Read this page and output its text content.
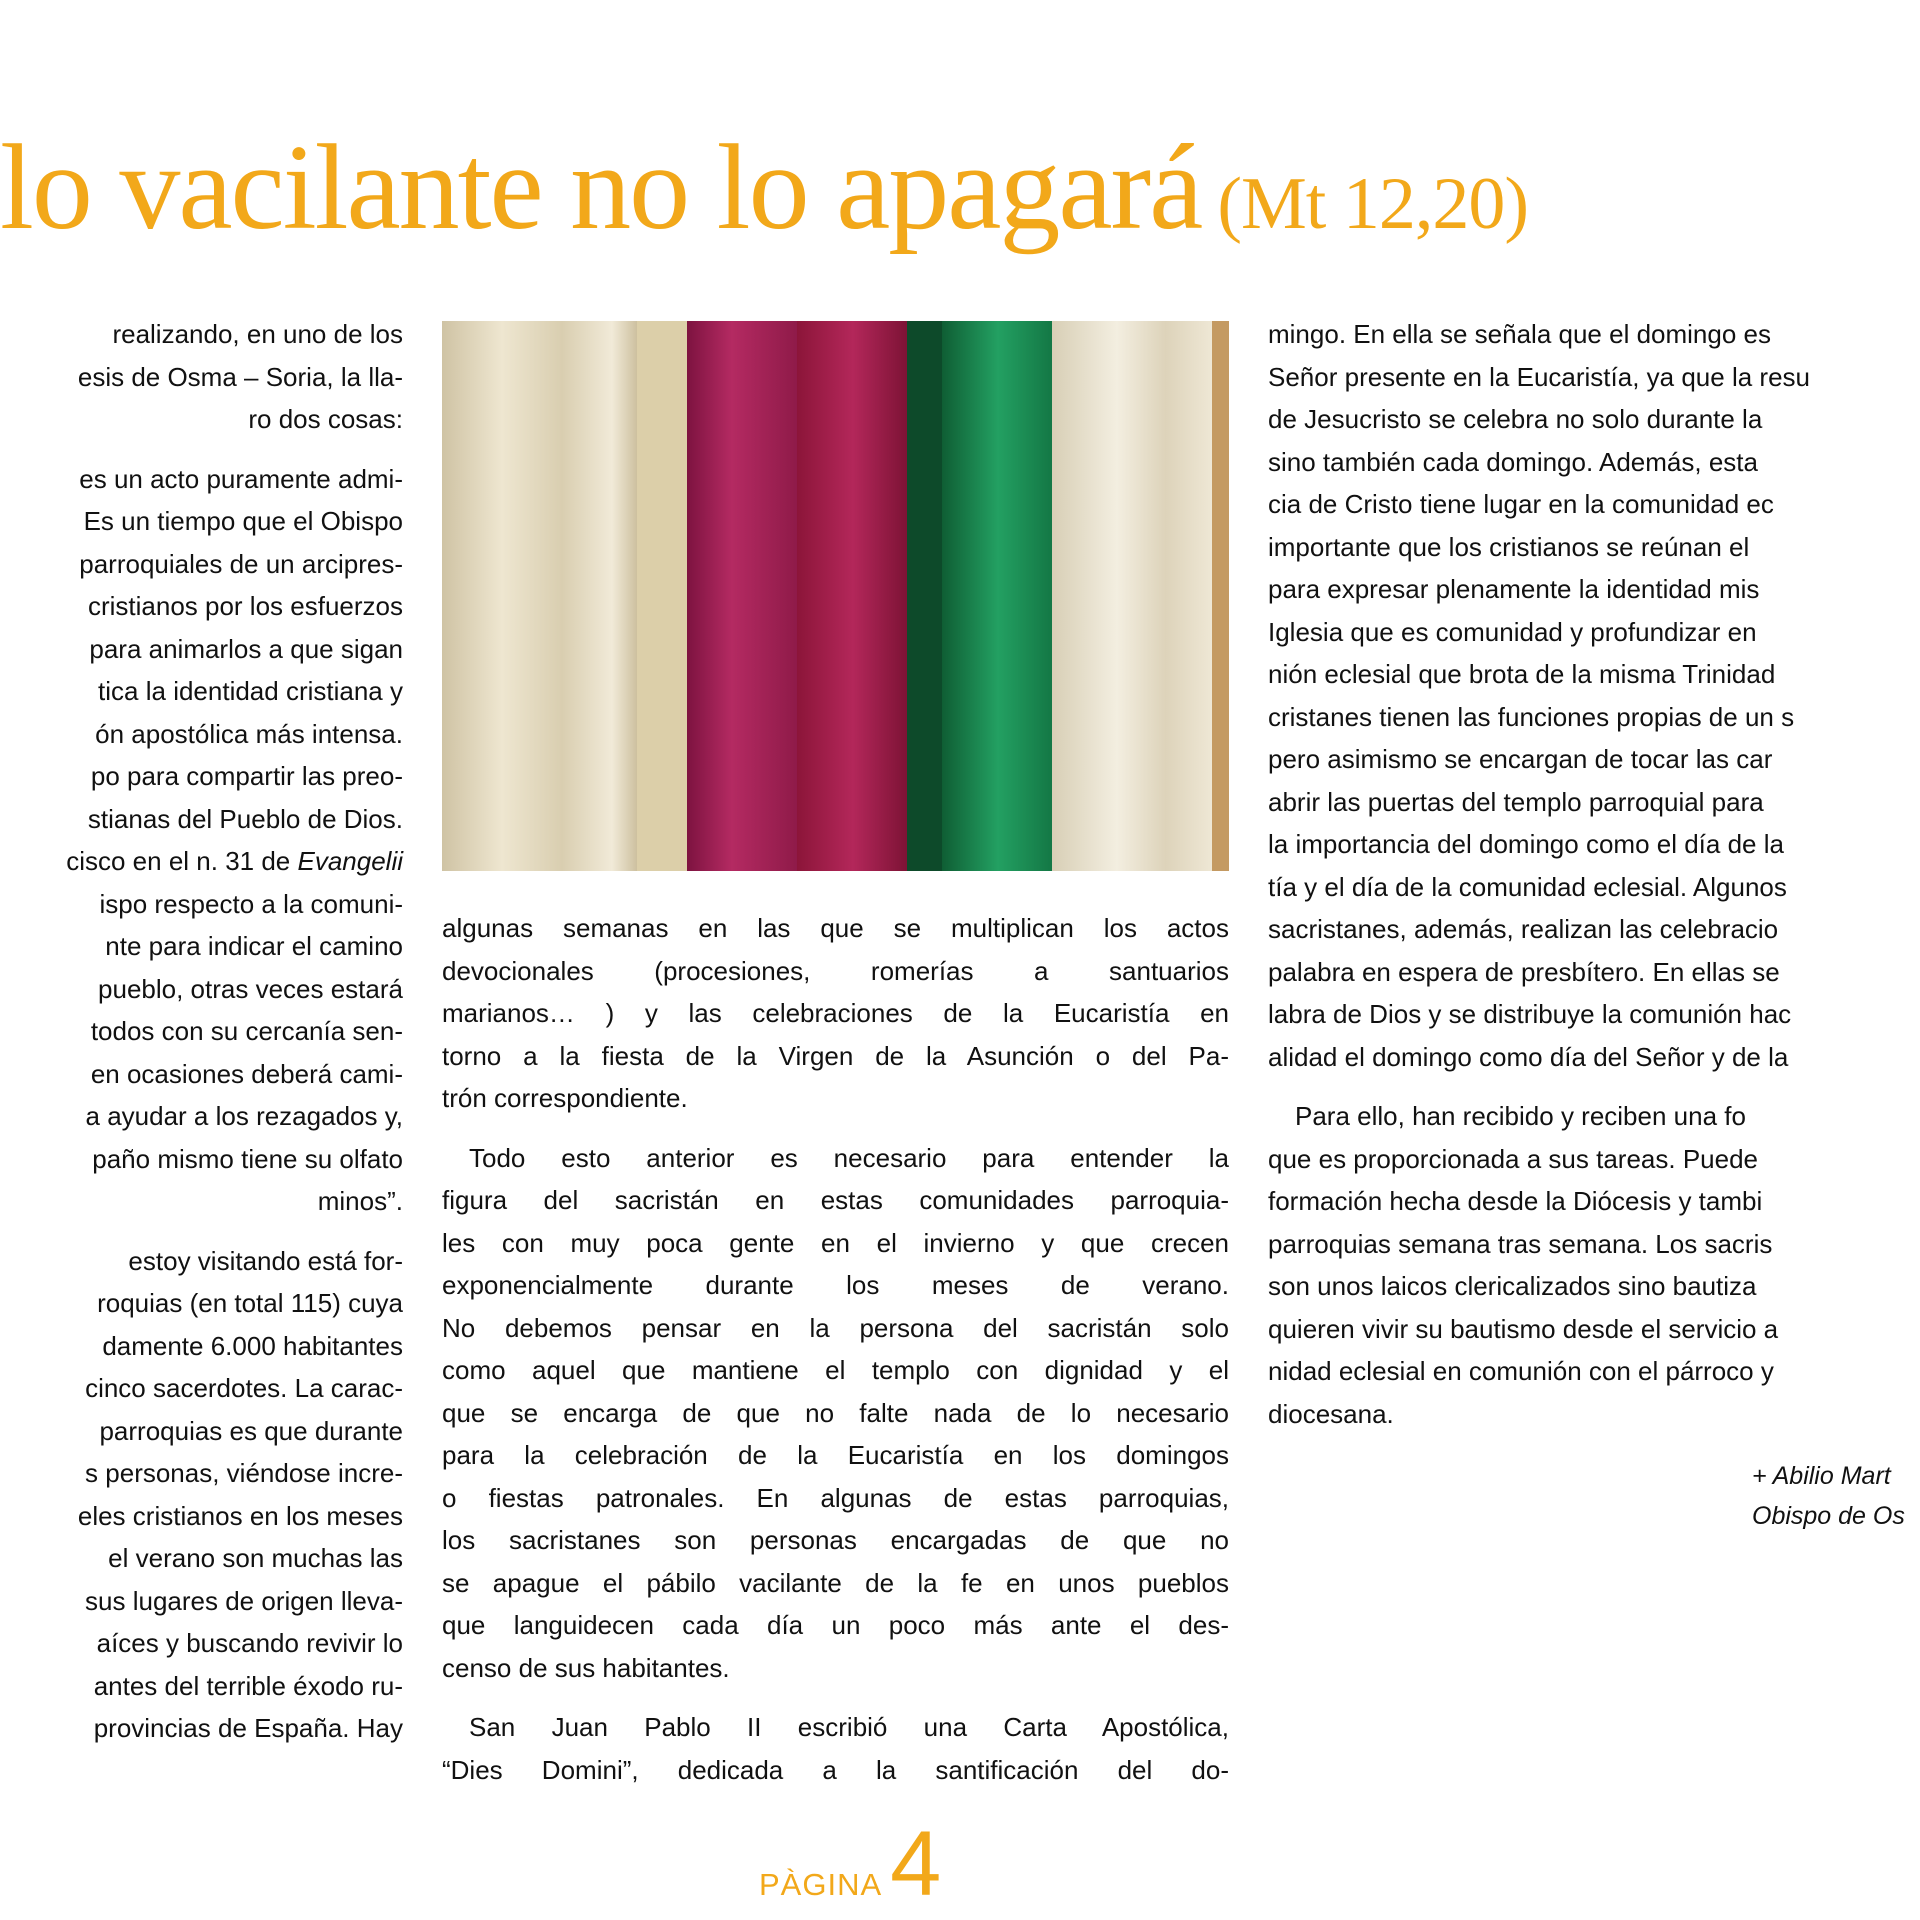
lo vacilante no lo apagará (Mt 12,20)
realizando, en uno de los
esis de Osma – Soria, la lla-
ro dos cosas:
es un acto puramente admi-
Es un tiempo que el Obispo
parroquiales de un arcipres-
cristianos por los esfuerzos
para animarlos a que sigan
tica la identidad cristiana y
ón apostólica más intensa.
po para compartir las preo-
stianas del Pueblo de Dios.
cisco en el n. 31 de Evangelii
ispo respecto a la comuni-
nte para indicar el camino
pueblo, otras veces estará
todos con su cercanía sen-
en ocasiones deberá cami-
a ayudar a los rezagados y,
paño mismo tiene su olfato
minos”.
estoy visitando está for-
roquias (en total 115) cuya
damente 6.000 habitantes
cinco sacerdotes. La carac-
parroquias es que durante
s personas, viéndose incre-
eles cristianos en los meses
el verano son muchas las
sus lugares de origen lleva-
aíces y buscando revivir lo
antes del terrible éxodo ru-
provincias de España. Hay
algunas semanas en las que se multiplican los actos
devocionales (procesiones, romerías a santuarios
marianos… ) y las celebraciones de la Eucaristía en
torno a la fiesta de la Virgen de la Asunción o del Pa-
trón correspondiente.
Todo esto anterior es necesario para entender la
figura del sacristán en estas comunidades parroquia-
les con muy poca gente en el invierno y que crecen
exponencialmente durante los meses de verano.
No debemos pensar en la persona del sacristán solo
como aquel que mantiene el templo con dignidad y el
que se encarga de que no falte nada de lo necesario
para la celebración de la Eucaristía en los domingos
o fiestas patronales. En algunas de estas parroquias,
los sacristanes son personas encargadas de que no
se apague el pábilo vacilante de la fe en unos pueblos
que languidecen cada día un poco más ante el des-
censo de sus habitantes.
San Juan Pablo II escribió una Carta Apostólica,
“Dies Domini”, dedicada a la santificación del do-
mingo. En ella se señala que el domingo es
Señor presente en la Eucaristía, ya que la resu
de Jesucristo se celebra no solo durante la
sino también cada domingo. Además, esta
cia de Cristo tiene lugar en la comunidad ec
importante que los cristianos se reúnan el
para expresar plenamente la identidad mis
Iglesia que es comunidad y profundizar en
nión eclesial que brota de la misma Trinidad
cristanes tienen las funciones propias de un s
pero asimismo se encargan de tocar las car
abrir las puertas del templo parroquial para
la importancia del domingo como el día de la
tía y el día de la comunidad eclesial. Algunos
sacristanes, además, realizan las celebracio
palabra en espera de presbítero. En ellas se
labra de Dios y se distribuye la comunión hac
alidad el domingo como día del Señor y de la
Para ello, han recibido y reciben una fo
que es proporcionada a sus tareas. Puede
formación hecha desde la Diócesis y tambi
parroquias semana tras semana. Los sacris
son unos laicos clericalizados sino bautiza
quieren vivir su bautismo desde el servicio a
nidad eclesial en comunión con el párroco y
diocesana.
+ Abilio Mart
Obispo de Os
PÀGINA4
